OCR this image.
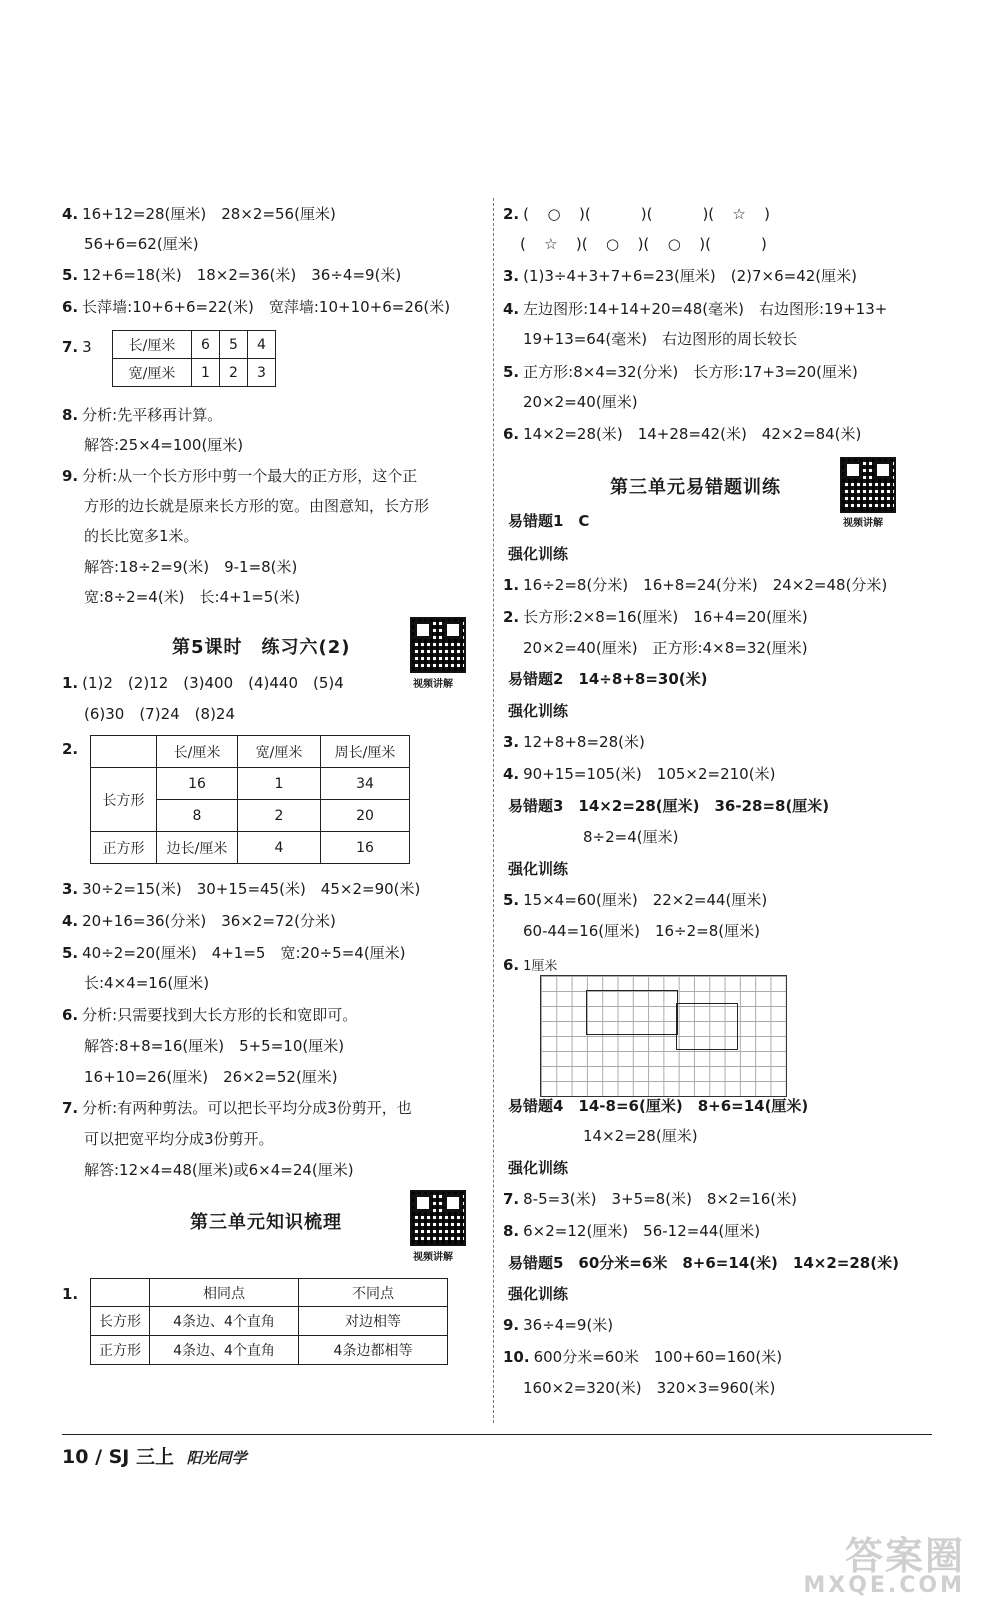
4. 16+12=28(厘米)　28×2=56(厘米)
56+6=62(厘米)
5. 12+6=18(米)　18×2=36(米)　36÷4=9(米)
6. 长萍墙:10+6+6=22(米)　宽萍墙:10+10+6=26(米)
7. 3	长/厘米	6	5	4
宽/厘米	1	2	3
8. 分析:先平移再计算。
解答:25×4=100(厘米)
9. 分析:从一个长方形中剪一个最大的正方形，这个正
方形的边长就是原来长方形的宽。由图意知，长方形
的长比宽多1米。
解答:18÷2=9(米)　9-1=8(米)
宽:8÷2=4(米)　长:4+1=5(米)
第5课时　练习六(2)
视频讲解
1. (1)2　(2)12　(3)400　(4)440　(5)4
(6)30　(7)24　(8)24
2.
		长/厘米	宽/厘米	周长/厘米
长方形	16	1	34
	8	2	20
正方形	边长/厘米	4	16
3. 30÷2=15(米)　30+15=45(米)　45×2=90(米)
4. 20+16=36(分米)　36×2=72(分米)
5. 40÷2=20(厘米)　4+1=5　宽:20÷5=4(厘米)
长:4×4=16(厘米)
6. 分析:只需要找到大长方形的长和宽即可。
解答:8+8=16(厘米)　5+5=10(厘米)
16+10=26(厘米)　26×2=52(厘米)
7. 分析:有两种剪法。可以把长平均分成3份剪开，也
可以把宽平均分成3份剪开。
解答:12×4=48(厘米)或6×4=24(厘米)
第三单元知识梳理
视频讲解
1.
		相同点	不同点
长方形	4条边、4个直角	对边相等
正方形	4条边、4个直角	4条边都相等
2. ( ○ )(	)(	)( ☆ )
( ☆ )( ○ )( ○ )(	)
3. (1)3÷4+3+7+6=23(厘米)　(2)7×6=42(厘米)
4. 左边图形:14+14+20=48(毫米)　右边图形:19+13+
19+13=64(毫米)　右边图形的周长较长
5. 正方形:8×4=32(分米)　长方形:17+3=20(厘米)
20×2=40(厘米)
6. 14×2=28(米)　14+28=42(米)　42×2=84(米)
第三单元易错题训练
视频讲解
易错题1　C
强化训练
1. 16÷2=8(分米)　16+8=24(分米)　24×2=48(分米)
2. 长方形:2×8=16(厘米)　16+4=20(厘米)
20×2=40(厘米)　正方形:4×8=32(厘米)
易错题2　14÷8+8=30(米)
强化训练
3. 12+8+8=28(米)
4. 90+15=105(米)　105×2=210(米)
易错题3　14×2=28(厘米)　36-28=8(厘米)
8÷2=4(厘米)
强化训练
5. 15×4=60(厘米)　22×2=44(厘米)
60-44=16(厘米)　16÷2=8(厘米)
6. 1厘米
易错题4　14-8=6(厘米)　8+6=14(厘米)
14×2=28(厘米)
强化训练
7. 8-5=3(米)　3+5=8(米)　8×2=16(米)
8. 6×2=12(厘米)　56-12=44(厘米)
易错题5　60分米=6米　8+6=14(米)　14×2=28(米)
强化训练
9. 36÷4=9(米)
10. 600分米=60米　100+60=160(米)
160×2=320(米)　320×3=960(米)
10 / SJ 三上 阳光同学
答案圈
MXQE.COM
